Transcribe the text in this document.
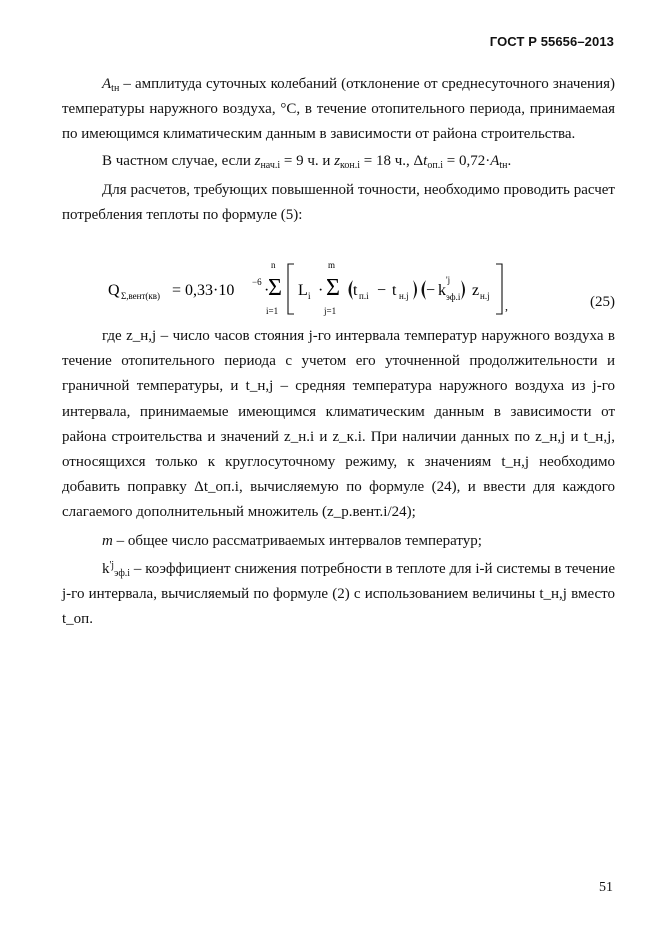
ГОСТ Р 55656–2013

$A_{tн}$ – амплитуда суточных колебаний (отклонение от среднесуточного значения) температуры наружного воздуха, °С, в течение отопительного периода, принимаемая по имеющимся климатическим данным в зависимости от района строительства.

В частном случае, если $z_{нач.i} = 9$ ч. и $z_{кон.i} = 18$ ч., $\Delta t_{оп.i} = 0,72\cdot A_{tн}$.

Для расчетов, требующих повышенной точности, необходимо проводить расчет потребления теплоты по формуле (5):

Q Σ,вент(кв) = 0,33·10 −6 ·
n
Σ
i=1
L i ·
m
Σ
j=1
t п.i − t н.j − k
'j
эф.i z н.j
,	(25)

где z_н,j – число часов стояния j-го интервала температур наружного воздуха в течение отопительного периода с учетом его уточненной продолжительности и граничной температуры, и t_н,j – средняя температура наружного воздуха из j-го интервала, принимаемые имеющимся климатическим данным в зависимости от района строительства и значений z_н.i и z_к.i. При наличии данных по z_н,j и t_н,j, относящихся только к круглосуточному режиму, к значениям t_н,j необходимо добавить поправку Δt_оп.i, вычисляемую по формуле (24), и ввести для каждого слагаемого дополнительный множитель (z_р.вент.i/24);

m – общее число рассматриваемых интервалов температур;

$k^{'j}_{эф.i}$ – коэффициент снижения потребности в теплоте для i-й системы в течение j-го интервала, вычисляемый по формуле (2) с использованием величины t_н,j вместо t_оп.

51
